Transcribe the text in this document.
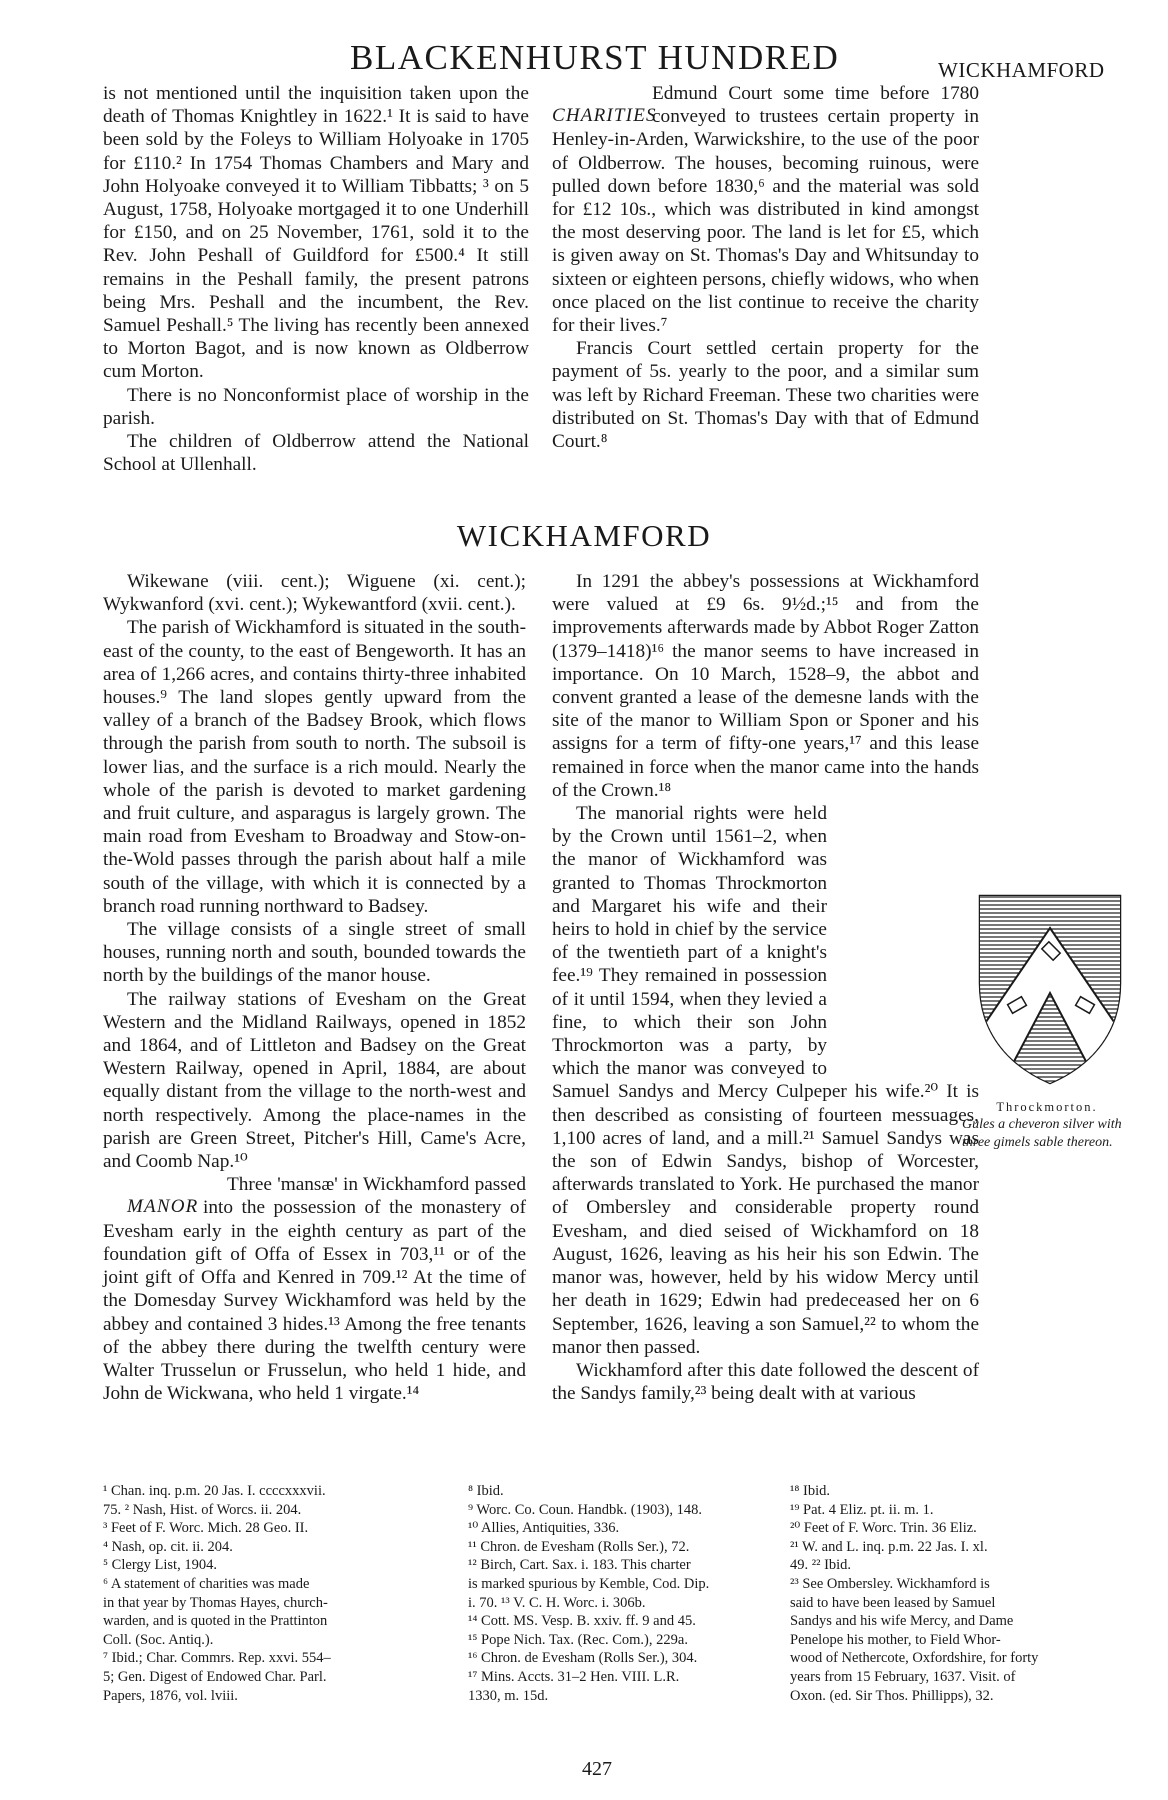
BLACKENHURST HUNDRED	WICKHAMFORD

is not mentioned until the inquisition taken upon the death of Thomas Knightley in 1622.¹ It is said to have been sold by the Foleys to William Holyoake in 1705 for £110.² In 1754 Thomas Chambers and Mary and John Holyoake conveyed it to William Tibbatts; ³ on 5 August, 1758, Holyoake mortgaged it to one Underhill for £150, and on 25 November, 1761, sold it to the Rev. John Peshall of Guildford for £500.⁴ It still remains in the Peshall family, the present patrons being Mrs. Peshall and the incumbent, the Rev. Samuel Peshall.⁵ The living has recently been annexed to Morton Bagot, and is now known as Oldberrow cum Morton.

There is no Nonconformist place of worship in the parish.

The children of Oldberrow attend the National School at Ullenhall.

CHARITIES
Edmund Court some time before 1780 conveyed to trustees certain property in Henley-in-Arden, Warwickshire, to the use of the poor of Oldberrow. The houses, becoming ruinous, were pulled down before 1830,⁶ and the material was sold for £12 10s., which was distributed in kind amongst the most deserving poor. The land is let for £5, which is given away on St. Thomas's Day and Whitsunday to sixteen or eighteen persons, chiefly widows, who when once placed on the list continue to receive the charity for their lives.⁷

Francis Court settled certain property for the payment of 5s. yearly to the poor, and a similar sum was left by Richard Freeman. These two charities were distributed on St. Thomas's Day with that of Edmund Court.⁸

WICKHAMFORD

Wikewane (viii. cent.); Wiguene (xi. cent.); Wykwanford (xvi. cent.); Wykewantford (xvii. cent.).

The parish of Wickhamford is situated in the south-east of the county, to the east of Bengeworth. It has an area of 1,266 acres, and contains thirty-three inhabited houses.⁹ The land slopes gently upward from the valley of a branch of the Badsey Brook, which flows through the parish from south to north. The subsoil is lower lias, and the surface is a rich mould. Nearly the whole of the parish is devoted to market gardening and fruit culture, and asparagus is largely grown. The main road from Evesham to Broadway and Stow-on-the-Wold passes through the parish about half a mile south of the village, with which it is connected by a branch road running northward to Badsey.

The village consists of a single street of small houses, running north and south, bounded towards the north by the buildings of the manor house.

The railway stations of Evesham on the Great Western and the Midland Railways, opened in 1852 and 1864, and of Littleton and Badsey on the Great Western Railway, opened in April, 1884, are about equally distant from the village to the north-west and north respectively. Among the place-names in the parish are Green Street, Pitcher's Hill, Came's Acre, and Coomb Nap.¹⁰

MANOR
Three 'mansæ' in Wickhamford passed into the possession of the monastery of Evesham early in the eighth century as part of the foundation gift of Offa of Essex in 703,¹¹ or of the joint gift of Offa and Kenred in 709.¹² At the time of the Domesday Survey Wickhamford was held by the abbey and contained 3 hides.¹³ Among the free tenants of the abbey there during the twelfth century were Walter Trusselun or Frusselun, who held 1 hide, and John de Wickwana, who held 1 virgate.¹⁴

In 1291 the abbey's possessions at Wickhamford were valued at £9 6s. 9½d.;¹⁵ and from the improvements afterwards made by Abbot Roger Zatton (1379–1418)¹⁶ the manor seems to have increased in importance. On 10 March, 1528–9, the abbot and convent granted a lease of the demesne lands with the site of the manor to William Spon or Sponer and his assigns for a term of fifty-one years,¹⁷ and this lease remained in force when the manor came into the hands of the Crown.¹⁸

The manorial rights were held by the Crown until 1561–2, when the manor of Wickhamford was granted to Thomas Throckmorton and Margaret his wife and their heirs to hold in chief by the service of the twentieth part of a knight's fee.¹⁹ They remained in possession of it until 1594, when they levied a fine, to which their son John Throckmorton was a party, by which the manor was conveyed to Samuel Sandys and Mercy Culpeper his wife.²⁰ It is then described as consisting of fourteen messuages, 1,100 acres of land, and a mill.²¹ Samuel Sandys was the son of Edwin Sandys, bishop of Worcester, afterwards translated to York. He purchased the manor of Ombersley and considerable property round Evesham, and died seised of Wickhamford on 18 August, 1626, leaving as his heir his son Edwin. The manor was, however, held by his widow Mercy until her death in 1629; Edwin had predeceased her on 6 September, 1626, leaving a son Samuel,²² to whom the manor then passed.

Wickhamford after this date followed the descent of the Sandys family,²³ being dealt with at various

Throckmorton.
Gules a cheveron silver with three gimels sable thereon.
¹ Chan. inq. p.m. 20 Jas. I. ccccxxxvii.
75. ² Nash, Hist. of Worcs. ii. 204.
³ Feet of F. Worc. Mich. 28 Geo. II.
⁴ Nash, op. cit. ii. 204.
⁵ Clergy List, 1904.
⁶ A statement of charities was made
in that year by Thomas Hayes, church-
warden, and is quoted in the Prattinton
Coll. (Soc. Antiq.).
⁷ Ibid.; Char. Commrs. Rep. xxvi. 554–
5; Gen. Digest of Endowed Char. Parl.
Papers, 1876, vol. lviii.
⁸ Ibid.
⁹ Worc. Co. Coun. Handbk. (1903), 148.
¹⁰ Allies, Antiquities, 336.
¹¹ Chron. de Evesham (Rolls Ser.), 72.
¹² Birch, Cart. Sax. i. 183. This charter
is marked spurious by Kemble, Cod. Dip.
i. 70. ¹³ V. C. H. Worc. i. 306b.
¹⁴ Cott. MS. Vesp. B. xxiv. ff. 9 and 45.
¹⁵ Pope Nich. Tax. (Rec. Com.), 229a.
¹⁶ Chron. de Evesham (Rolls Ser.), 304.
¹⁷ Mins. Accts. 31–2 Hen. VIII. L.R.
1330, m. 15d.
¹⁸ Ibid.
¹⁹ Pat. 4 Eliz. pt. ii. m. 1.
²⁰ Feet of F. Worc. Trin. 36 Eliz.
²¹ W. and L. inq. p.m. 22 Jas. I. xl.
49. ²² Ibid.
²³ See Ombersley. Wickhamford is
said to have been leased by Samuel
Sandys and his wife Mercy, and Dame
Penelope his mother, to Field Whor-
wood of Nethercote, Oxfordshire, for forty
years from 15 February, 1637. Visit. of
Oxon. (ed. Sir Thos. Phillipps), 32.
427
